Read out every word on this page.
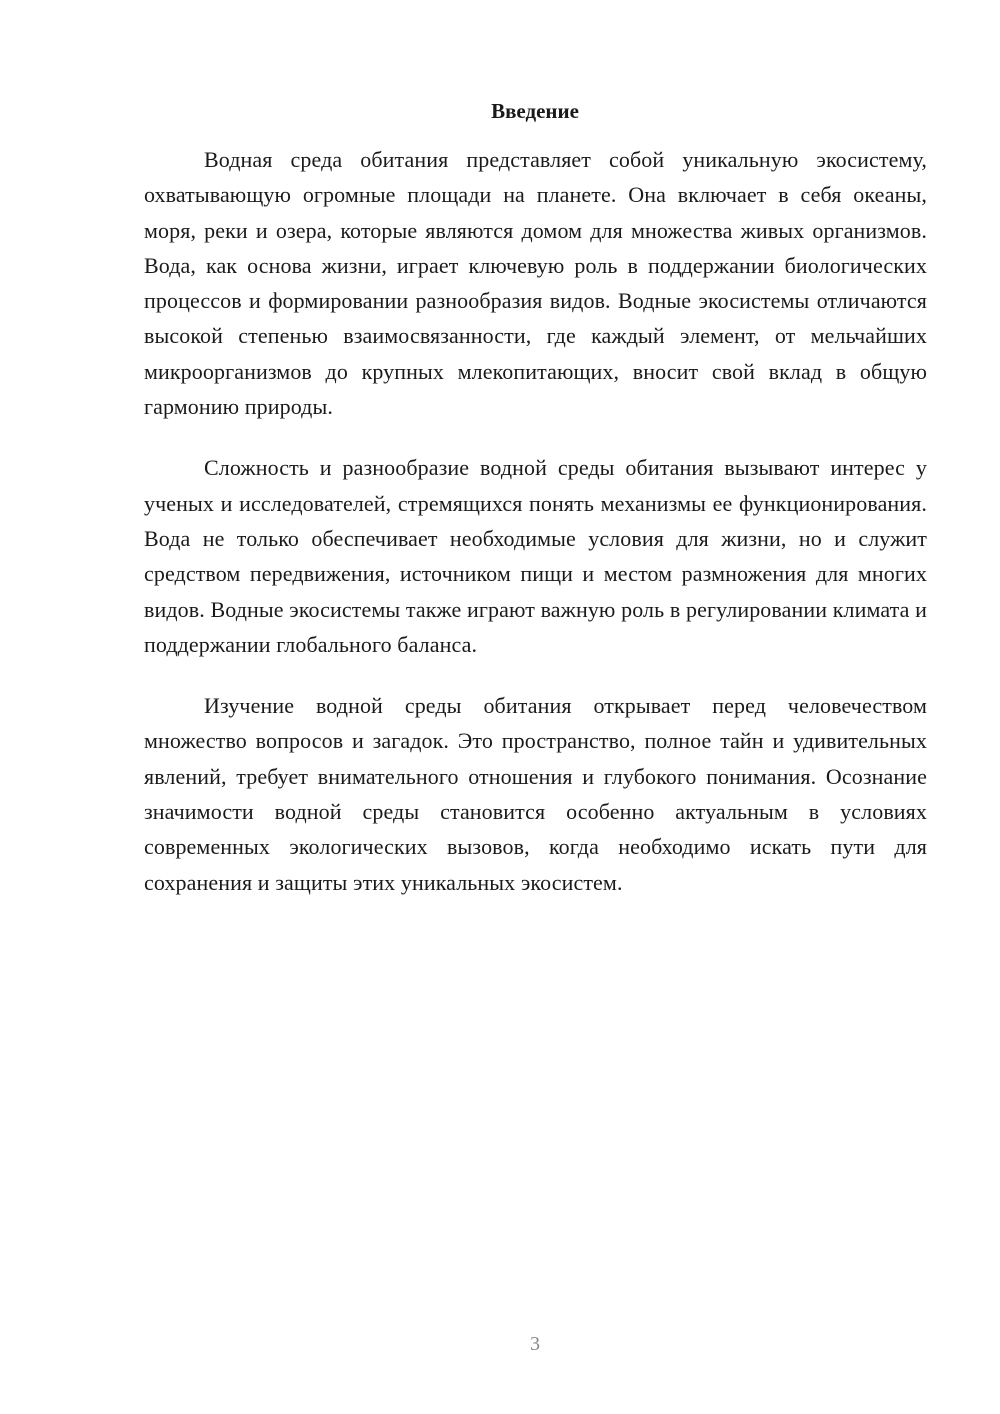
Введение

Водная среда обитания представляет собой уникальную экосистему, охватывающую огромные площади на планете. Она включает в себя океаны, моря, реки и озера, которые являются домом для множества живых организмов. Вода, как основа жизни, играет ключевую роль в поддержании биологических процессов и формировании разнообразия видов. Водные экосистемы отличаются высокой степенью взаимосвязанности, где каждый элемент, от мельчайших микроорганизмов до крупных млекопитающих, вносит свой вклад в общую гармонию природы.

Сложность и разнообразие водной среды обитания вызывают интерес у ученых и исследователей, стремящихся понять механизмы ее функционирования. Вода не только обеспечивает необходимые условия для жизни, но и служит средством передвижения, источником пищи и местом размножения для многих видов. Водные экосистемы также играют важную роль в регулировании климата и поддержании глобального баланса.

Изучение водной среды обитания открывает перед человечеством множество вопросов и загадок. Это пространство, полное тайн и удивительных явлений, требует внимательного отношения и глубокого понимания. Осознание значимости водной среды становится особенно актуальным в условиях современных экологических вызовов, когда необходимо искать пути для сохранения и защиты этих уникальных экосистем.

3
